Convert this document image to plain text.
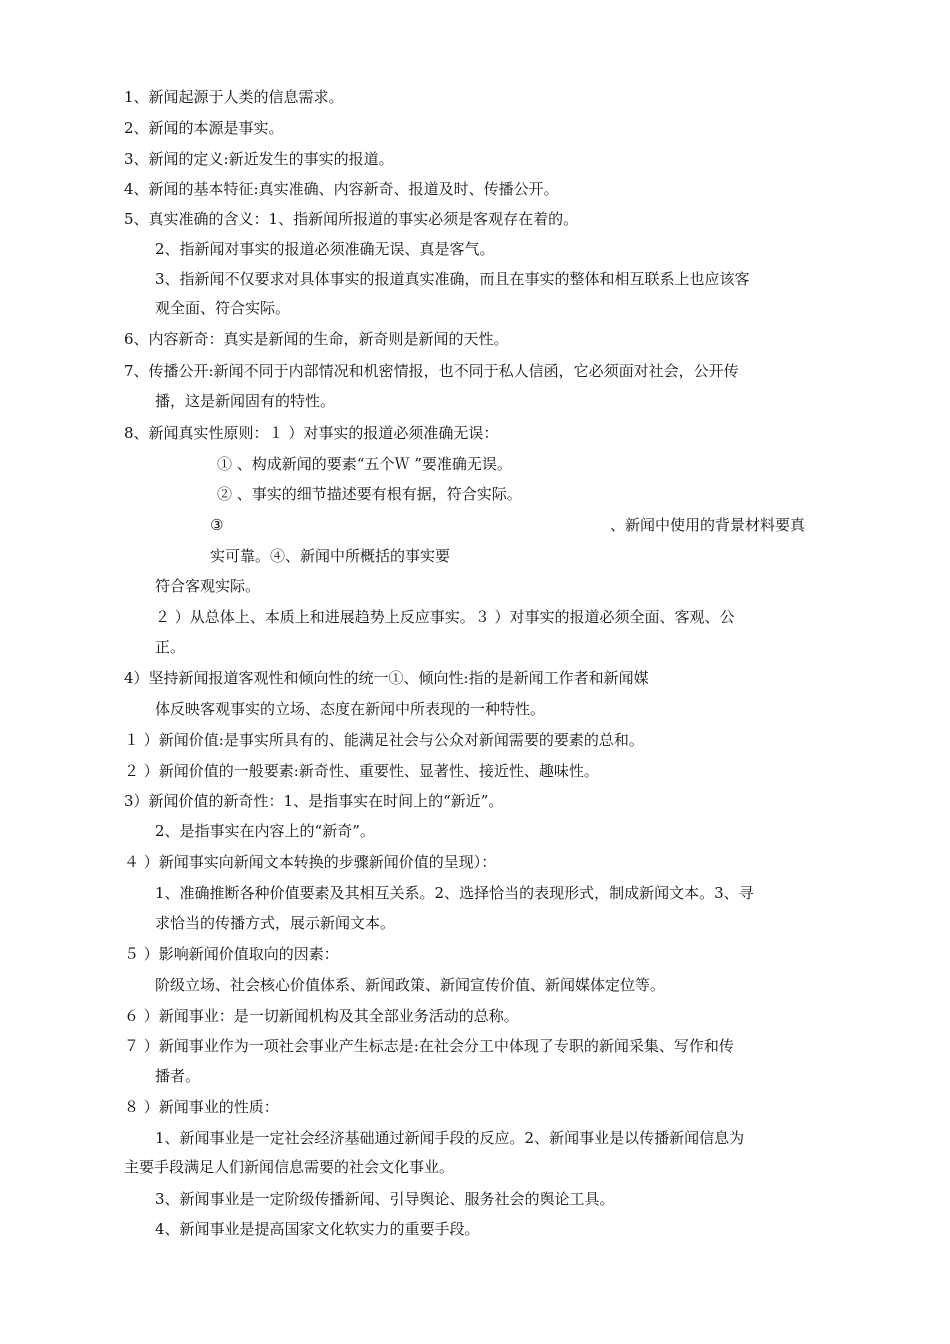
1、新闻起源于人类的信息需求。
2、新闻的本源是事实。
3、新闻的定义:新近发生的事实的报道。
4、新闻的基本特征:真实准确、内容新奇、报道及时、传播公开。
5、真实准确的含义：1、指新闻所报道的事实必须是客观存在着的。
2、指新闻对事实的报道必须准确无误、真是客气。
3、指新闻不仅要求对具体事实的报道真实准确，而且在事实的整体和相互联系上也应该客
观全面、符合实际。
6、内容新奇：真实是新闻的生命，新奇则是新闻的天性。
7、传播公开:新闻不同于内部情况和机密情报，也不同于私人信函，它必须面对社会，公开传
播，这是新闻固有的特性。
8、新闻真实性原则：１ ）对事实的报道必须准确无误：
① 、构成新闻的要素“五个Ｗ ”要准确无误。
② 、事实的细节描述要有根有据，符合实际。
③	、新闻中使用的背景材料要真
实可靠。④、新闻中所概括的事实要
符合客观实际。
２ ）从总体上、本质上和进展趋势上反应事实。３ ）对事实的报道必须全面、客观、公
正。
4）坚持新闻报道客观性和倾向性的统一①、倾向性:指的是新闻工作者和新闻媒
体反映客观事实的立场、态度在新闻中所表现的一种特性。
１ ）新闻价值:是事实所具有的、能满足社会与公众对新闻需要的要素的总和。
２ ）新闻价值的一般要素:新奇性、重要性、显著性、接近性、趣味性。
3）新闻价值的新奇性：1、是指事实在时间上的“新近”。
2、是指事实在内容上的“新奇”。
４ ）新闻事实向新闻文本转换的步骤新闻价值的呈现）：
1、准确推断各种价值要素及其相互关系。2、选择恰当的表现形式，制成新闻文本。3、寻
求恰当的传播方式，展示新闻文本。
５ ）影响新闻价值取向的因素：
阶级立场、社会核心价值体系、新闻政策、新闻宣传价值、新闻媒体定位等。
６ ）新闻事业：是一切新闻机构及其全部业务活动的总称。
７ ）新闻事业作为一项社会事业产生标志是:在社会分工中体现了专职的新闻采集、写作和传
播者。
８ ）新闻事业的性质：
1、新闻事业是一定社会经济基础通过新闻手段的反应。2、新闻事业是以传播新闻信息为
主要手段满足人们新闻信息需要的社会文化事业。
3、新闻事业是一定阶级传播新闻、引导舆论、服务社会的舆论工具。
4、新闻事业是提高国家文化软实力的重要手段。
